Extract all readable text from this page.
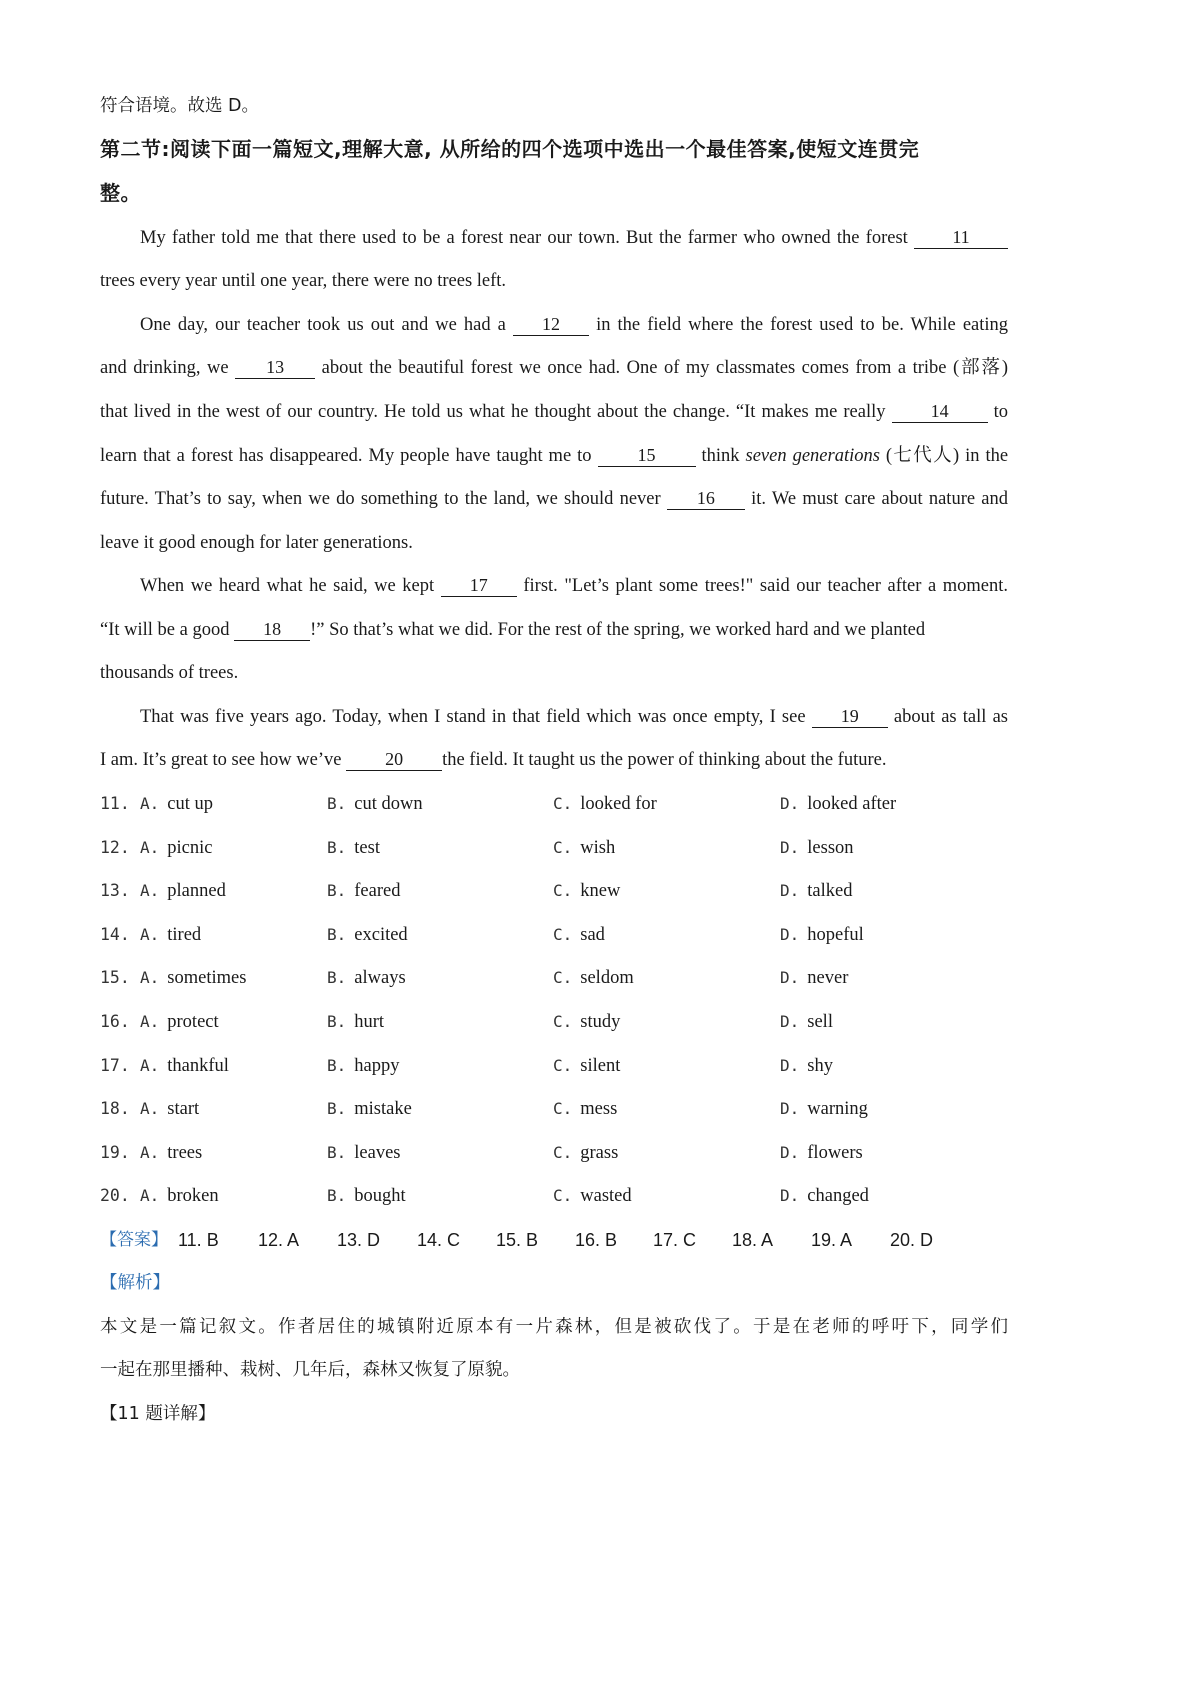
符合语境。故选 D。
第二节:阅读下面一篇短文,理解大意, 从所给的四个选项中选出一个最佳答案,使短文连贯完
整。
My father told me that there used to be a forest near our town. But the farmer who owned the forest 11
trees every year until one year, there were no trees left.
One day, our teacher took us out and we had a 12 in the field where the forest used to be. While eating
and drinking, we 13 about the beautiful forest we once had. One of my classmates comes from a tribe (部落)
that lived in the west of our country. He told us what he thought about the change. “It makes me really	14 to
learn that a forest has disappeared. My people have taught me to	15 think seven generations (七代人) in the
future. That’s to say, when we do something to the land, we should never 16 it. We must care about nature and
leave it good enough for later generations.
When we heard what he said, we kept 17 first. "Let’s plant some trees!" said our teacher after a moment.
“It will be a good 18 !” So that’s what we did. For the rest of the spring, we worked hard and we planted
thousands of trees.
That was five years ago. Today, when I stand in that field which was once empty, I see 19 about as tall as
I am. It’s great to see how we’ve 20 the field. It taught us the power of thinking about the future.
11. A. cut up	B. cut down	C. looked for	D. looked after
12. A. picnic	B. test	C. wish	D. lesson
13. A. planned	B. feared	C. knew	D. talked
14. A. tired	B. excited	C. sad	D. hopeful
15. A. sometimes	B. always	C. seldom	D. never
16. A. protect	B. hurt	C. study	D. sell
17. A. thankful	B. happy	C. silent	D. shy
18. A. start	B. mistake	C. mess	D. warning
19. A. trees	B. leaves	C. grass	D. flowers
20. A. broken	B. bought	C. wasted	D. changed
【答案】 11. B 12. A 13. D 14. C 15. B 16. B 17. C 18. A 19. A 20. D
【解析】
本文是一篇记叙文。作者居住的城镇附近原本有一片森林，但是被砍伐了。于是在老师的呼吁下，同学们
一起在那里播种、栽树、几年后，森林又恢复了原貌。
【11 题详解】
